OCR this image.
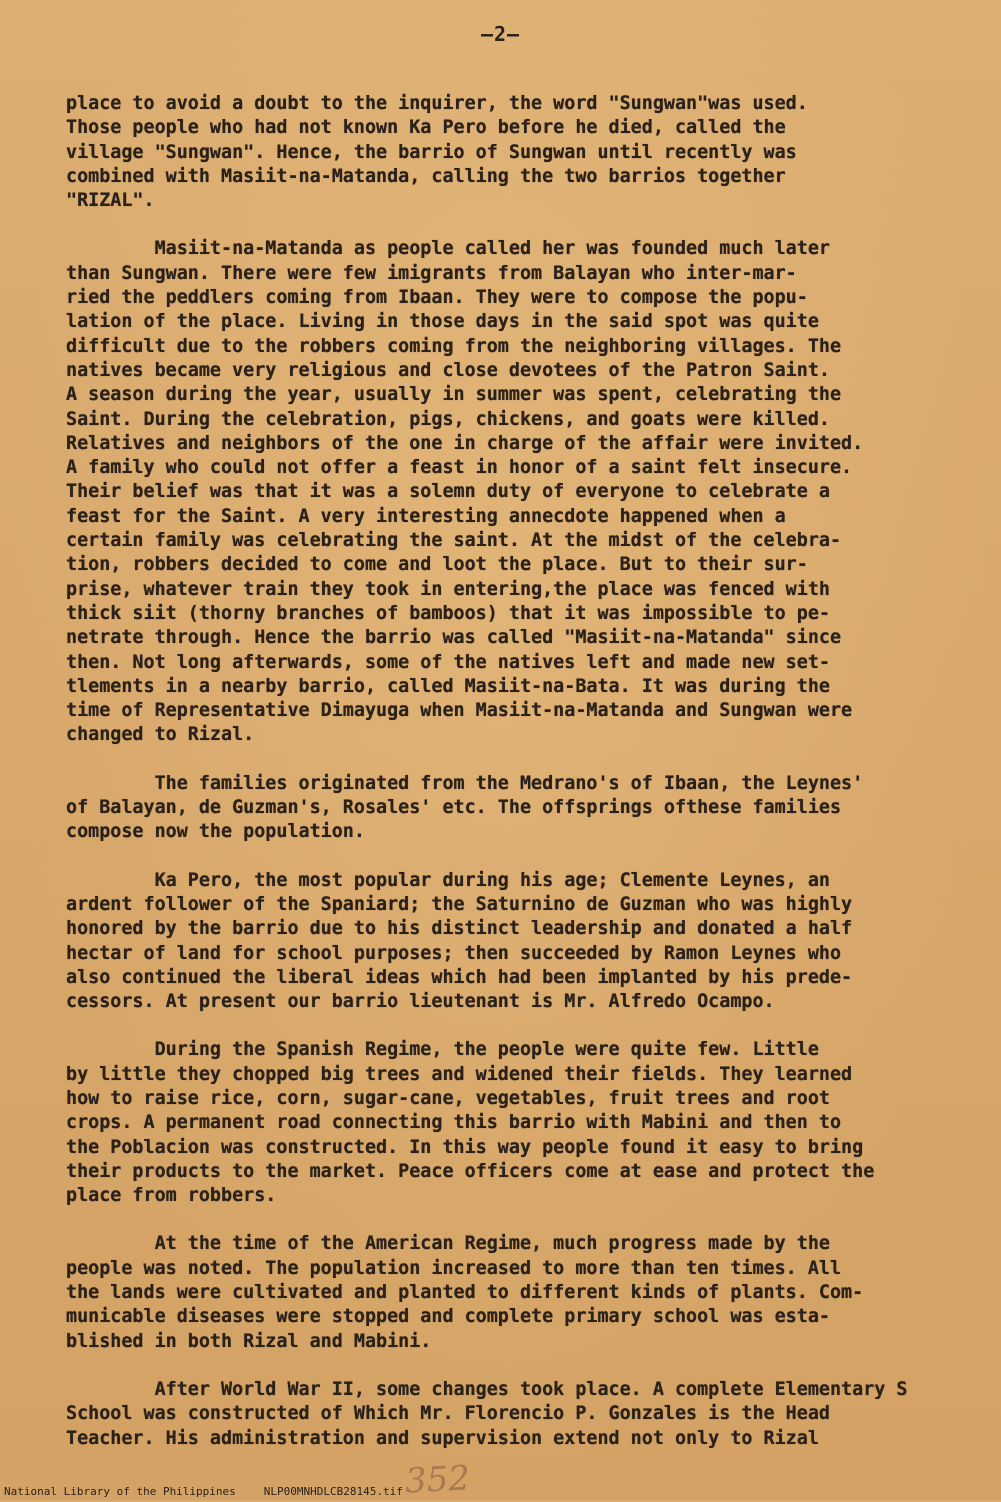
—2—
place to avoid a doubt to the inquirer, the word "Sungwan"was used.
Those people who had not known Ka Pero before he died, called the
village "Sungwan". Hence, the barrio of Sungwan until recently was
combined with Masiit-na-Matanda, calling the two barrios together
"RIZAL".
Masiit-na-Matanda as people called her was founded much later
than Sungwan. There were few imigrants from Balayan who inter-mar-
ried the peddlers coming from Ibaan. They were to compose the popu-
lation of the place. Living in those days in the said spot was quite
difficult due to the robbers coming from the neighboring villages. The
natives became very religious and close devotees of the Patron Saint.
A season during the year, usually in summer was spent, celebrating the
Saint. During the celebration, pigs, chickens, and goats were killed.
Relatives and neighbors of the one in charge of the affair were invited.
A family who could not offer a feast in honor of a saint felt insecure.
Their belief was that it was a solemn duty of everyone to celebrate a
feast for the Saint. A very interesting annecdote happened when a
certain family was celebrating the saint. At the midst of the celebra-
tion, robbers decided to come and loot the place. But to their sur-
prise, whatever train they took in entering,the place was fenced with
thick siit (thorny branches of bamboos) that it was impossible to pe-
netrate through. Hence the barrio was called "Masiit-na-Matanda" since
then. Not long afterwards, some of the natives left and made new set-
tlements in a nearby barrio, called Masiit-na-Bata. It was during the
time of Representative Dimayuga when Masiit-na-Matanda and Sungwan were
changed to Rizal.
The families originated from the Medrano's of Ibaan, the Leynes'
of Balayan, de Guzman's, Rosales' etc. The offsprings ofthese families
compose now the population.
Ka Pero, the most popular during his age; Clemente Leynes, an
ardent follower of the Spaniard; the Saturnino de Guzman who was highly
honored by the barrio due to his distinct leadership and donated a half
hectar of land for school purposes; then succeeded by Ramon Leynes who
also continued the liberal ideas which had been implanted by his prede-
cessors. At present our barrio lieutenant is Mr. Alfredo Ocampo.
During the Spanish Regime, the people were quite few. Little
by little they chopped big trees and widened their fields. They learned
how to raise rice, corn, sugar-cane, vegetables, fruit trees and root
crops. A permanent road connecting this barrio with Mabini and then to
the Poblacion was constructed. In this way people found it easy to bring
their products to the market. Peace officers come at ease and protect the
place from robbers.
At the time of the American Regime, much progress made by the
people was noted. The population increased to more than ten times. All
the lands were cultivated and planted to different kinds of plants. Com-
municable diseases were stopped and complete primary school was esta-
blished in both Rizal and Mabini.
After World War II, some changes took place. A complete Elementary S
School was constructed of Which Mr. Florencio P. Gonzales is the Head
Teacher. His administration and supervision extend not only to Rizal
352
National Library of the Philippines	NLP00MNHDLCB28145.tif
